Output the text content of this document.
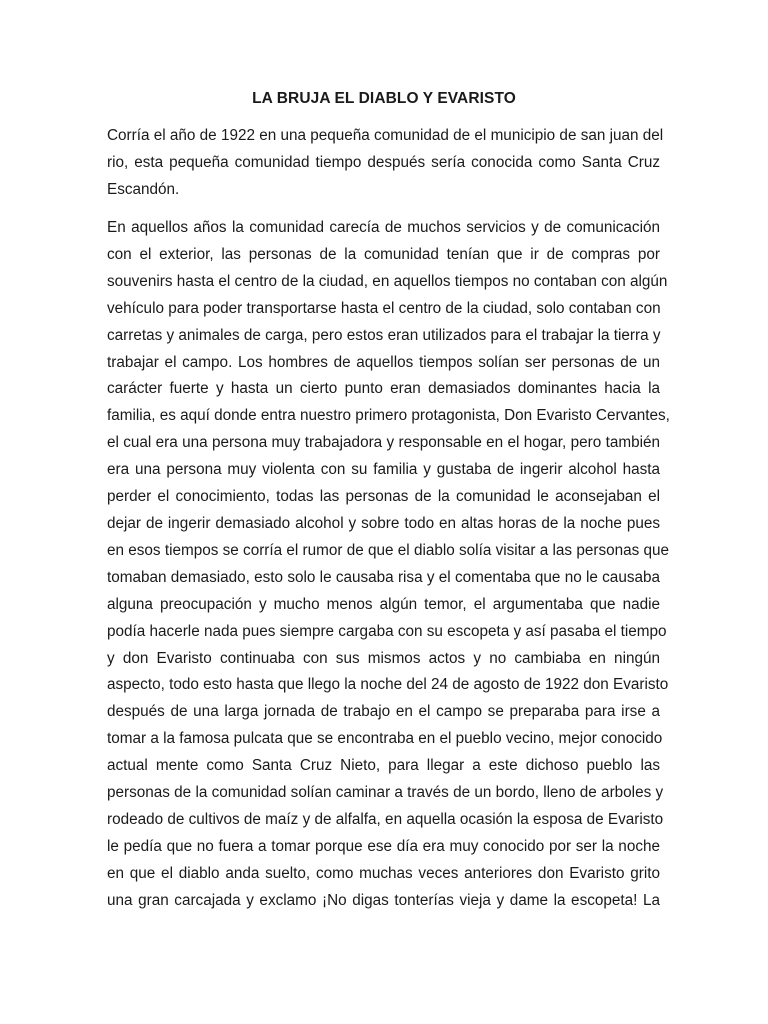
LA BRUJA EL DIABLO Y EVARISTO
Corría el año de 1922 en una pequeña comunidad de el municipio de san juan del
rio, esta pequeña comunidad tiempo después sería conocida como Santa Cruz
Escandón.
En aquellos años la comunidad carecía de muchos servicios y de comunicación
con el exterior, las personas de la comunidad tenían que ir de compras por
souvenirs hasta el centro de la ciudad, en aquellos tiempos no contaban con algún
vehículo para poder transportarse hasta el centro de la ciudad, solo contaban con
carretas y animales de carga, pero estos eran utilizados para el trabajar la tierra y
trabajar el campo. Los hombres de aquellos tiempos solían ser personas de un
carácter fuerte y hasta un cierto punto eran demasiados dominantes hacia la
familia, es aquí donde entra nuestro primero protagonista, Don Evaristo Cervantes,
el cual era una persona muy trabajadora y responsable en el hogar, pero también
era una persona muy violenta con su familia y gustaba de ingerir alcohol hasta
perder el conocimiento, todas las personas de la comunidad le aconsejaban el
dejar de ingerir demasiado alcohol y sobre todo en altas horas de la noche pues
en esos tiempos se corría el rumor de que el diablo solía visitar a las personas que
tomaban demasiado, esto solo le causaba risa y el comentaba que no le causaba
alguna preocupación y mucho menos algún temor, el argumentaba que nadie
podía hacerle nada pues siempre cargaba con su escopeta y así pasaba el tiempo
y don Evaristo continuaba con sus mismos actos y no cambiaba en ningún
aspecto, todo esto hasta que llego la noche del 24 de agosto de 1922 don Evaristo
después de una larga jornada de trabajo en el campo se preparaba para irse a
tomar a la famosa pulcata que se encontraba en el pueblo vecino, mejor conocido
actual mente como Santa Cruz Nieto, para llegar a este dichoso pueblo las
personas de la comunidad solían caminar a través de un bordo, lleno de arboles y
rodeado de cultivos de maíz y de alfalfa, en aquella ocasión la esposa de Evaristo
le pedía que no fuera a tomar porque ese día era muy conocido por ser la noche
en que el diablo anda suelto, como muchas veces anteriores don Evaristo grito
una gran carcajada y exclamo ¡No digas tonterías vieja y dame la escopeta! La
